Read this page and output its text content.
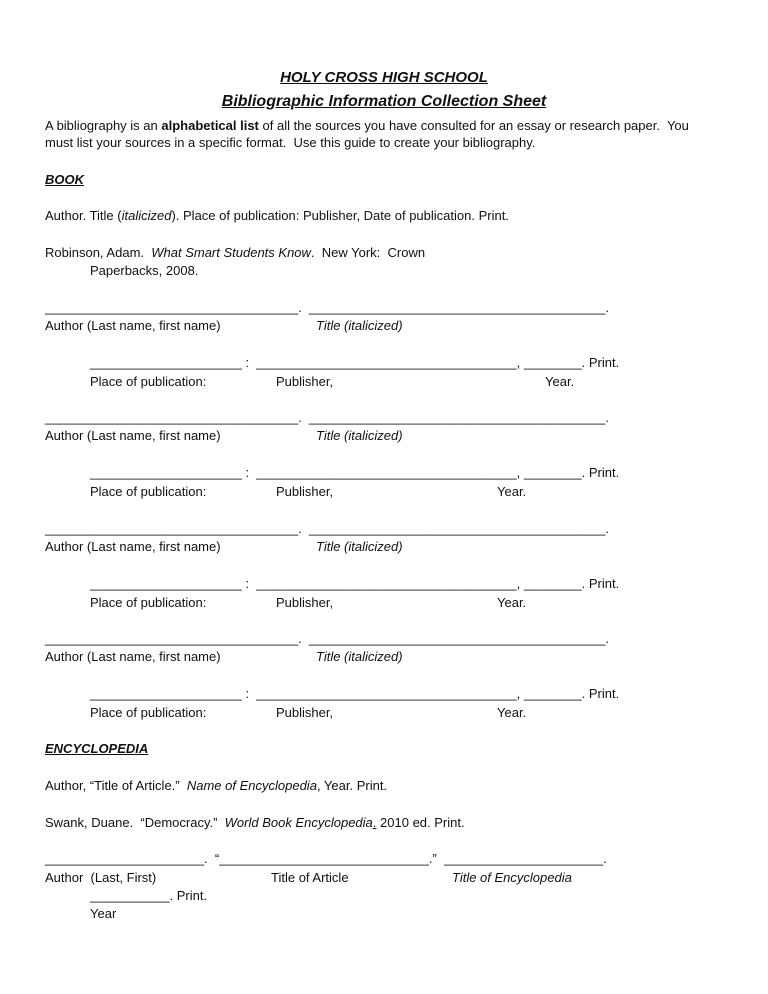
HOLY CROSS HIGH SCHOOL
Bibliographic Information Collection Sheet
A bibliography is an alphabetical list of all the sources you have consulted for an essay or research paper.  You
must list your sources in a specific format.  Use this guide to create your bibliography.
BOOK
Author. Title (italicized). Place of publication: Publisher, Date of publication. Print.
Robinson, Adam.  What Smart Students Know.  New York:  Crown
Paperbacks, 2008.
___________________________________.  _________________________________________.
Author (Last name, first name)	Title (italicized)
_____________________ :  ____________________________________, ________. Print.
Place of publication:	Publisher,	Year.
___________________________________.  _________________________________________.
Author (Last name, first name)	Title (italicized)
_____________________ :  ____________________________________, ________. Print.
Place of publication:	Publisher,	Year.
___________________________________.  _________________________________________.
Author (Last name, first name)	Title (italicized)
_____________________ :  ____________________________________, ________. Print.
Place of publication:	Publisher,	Year.
___________________________________.  _________________________________________.
Author (Last name, first name)	Title (italicized)
_____________________ :  ____________________________________, ________. Print.
Place of publication:	Publisher,	Year.
ENCYCLOPEDIA
Author, “Title of Article.”  Name of Encyclopedia, Year. Print.
Swank, Duane.  “Democracy.”  World Book Encyclopedia. 2010 ed. Print.
______________________.  “_____________________________.”  ______________________.
Author  (Last, First)	Title of Article	Title of Encyclopedia
___________. Print.
Year
